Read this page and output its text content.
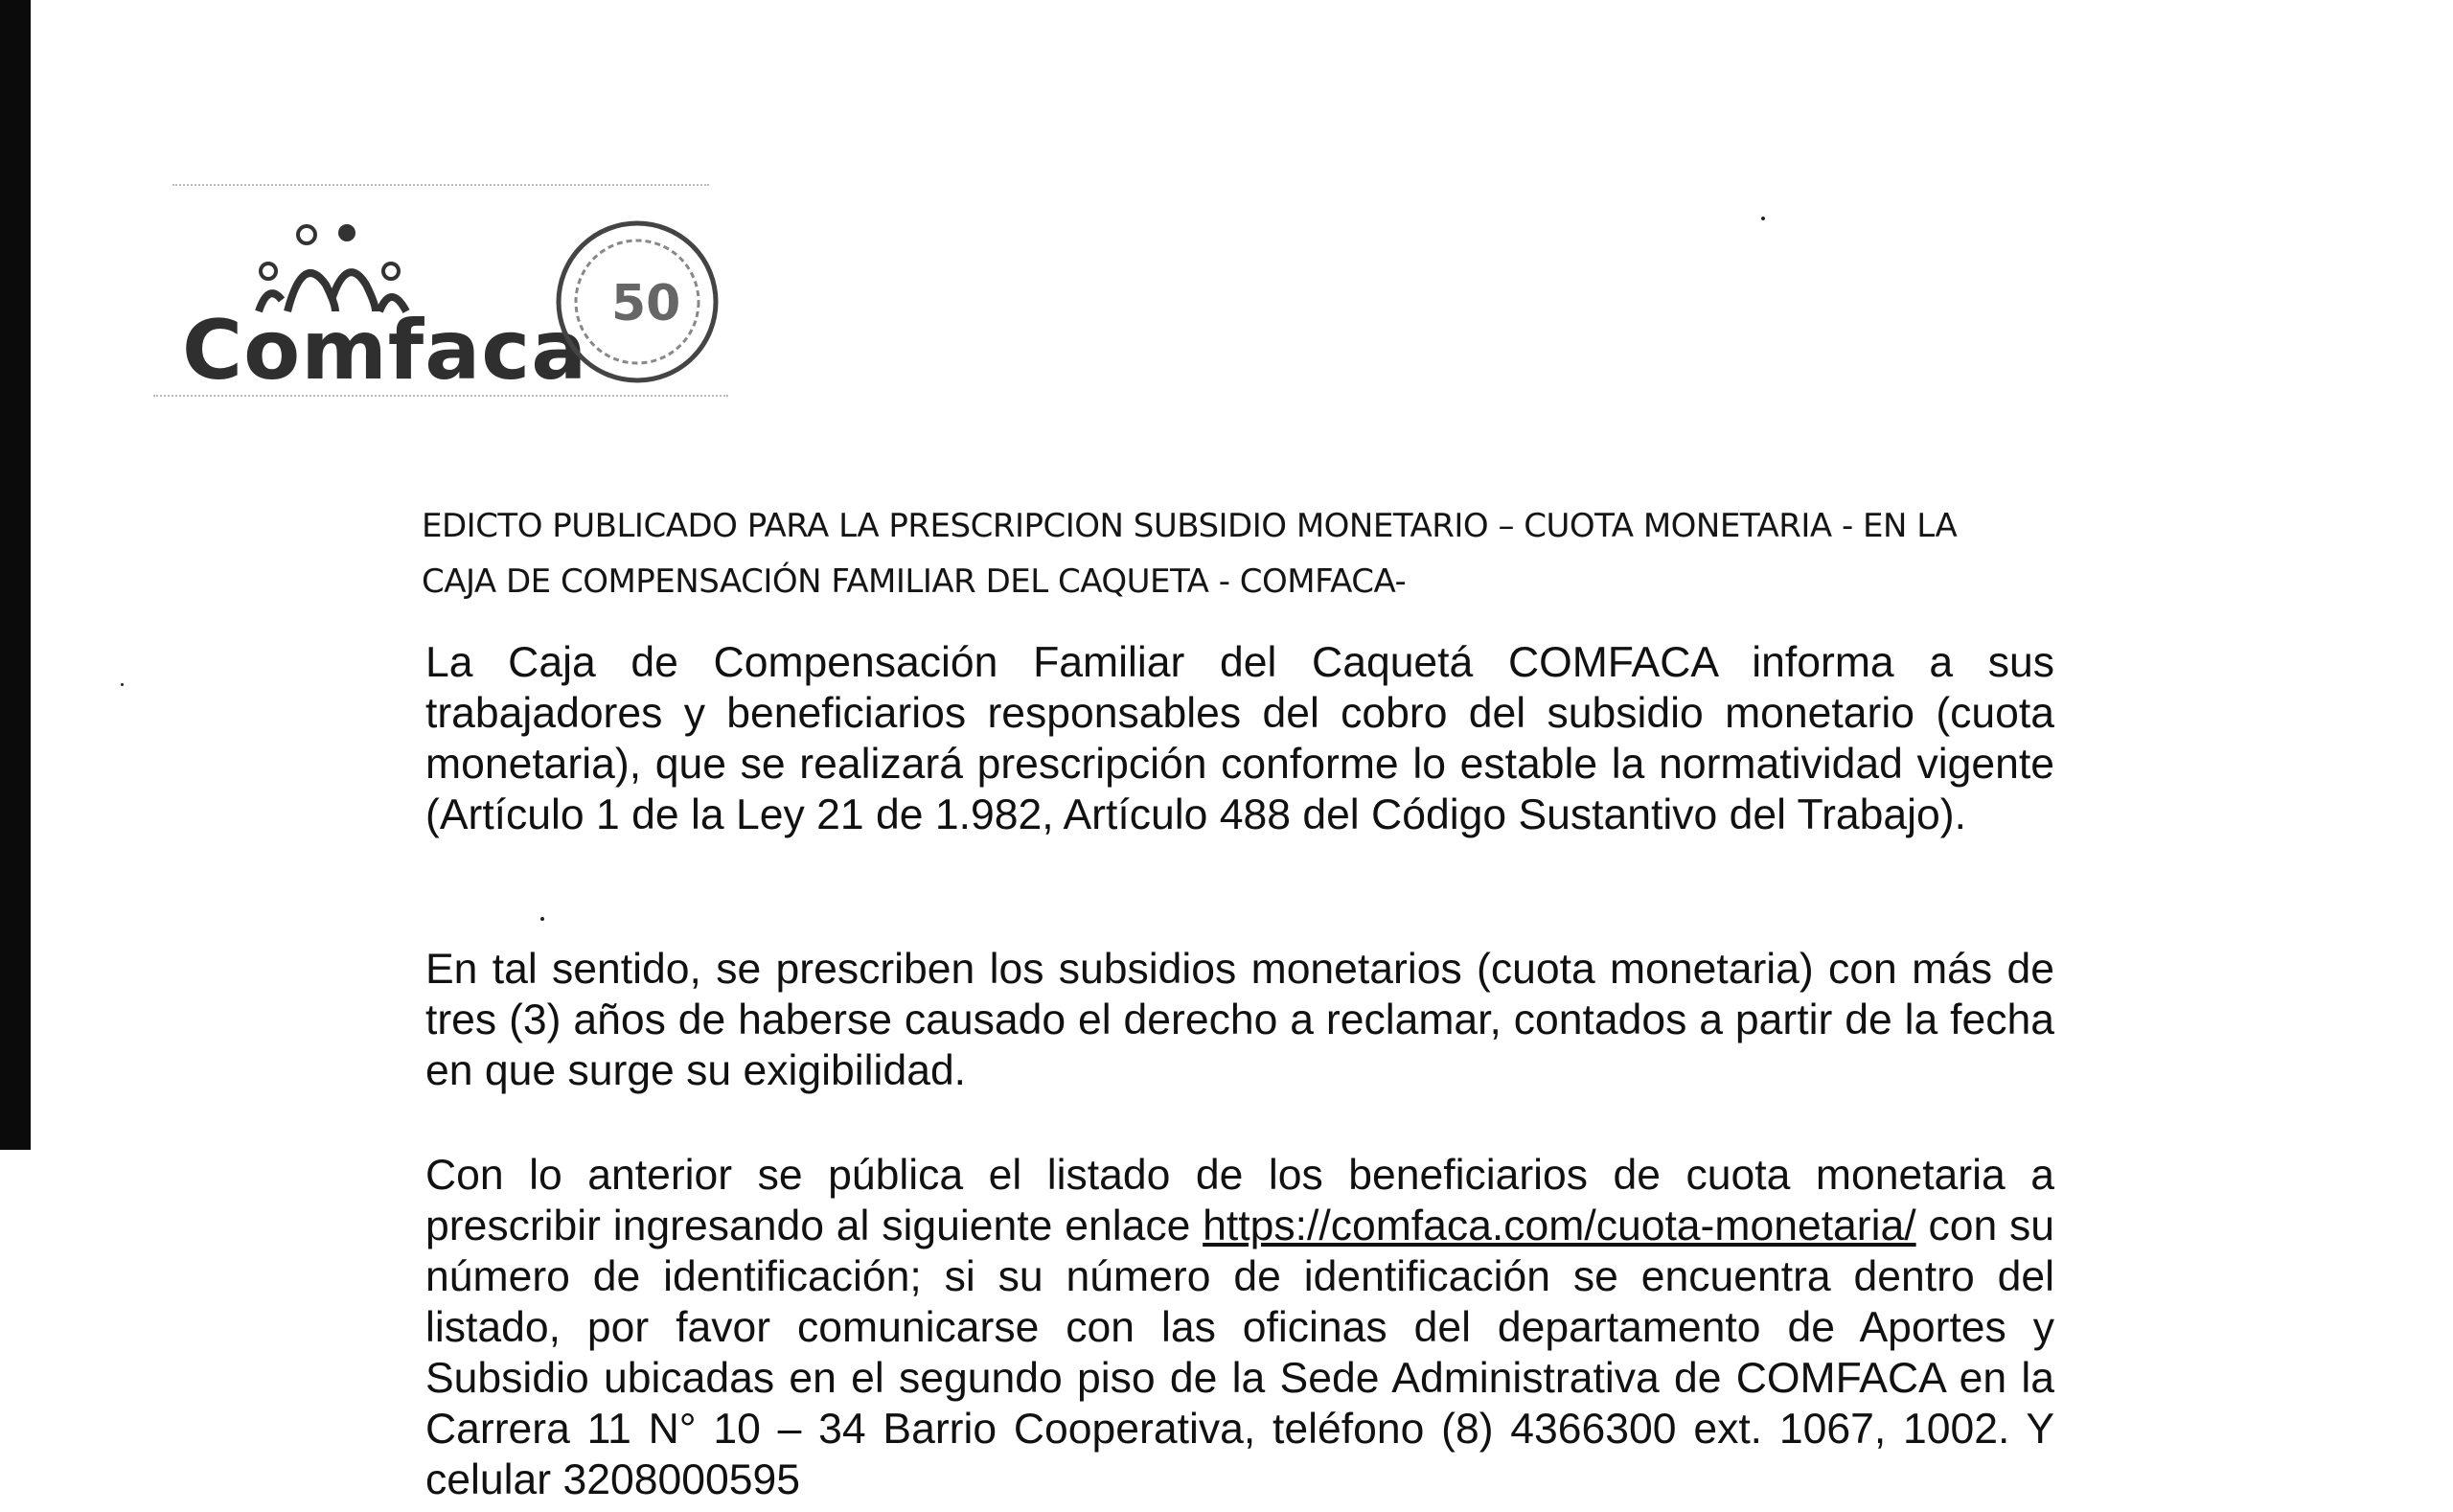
Comfaca 50
EDICTO PUBLICADO PARA LA PRESCRIPCION SUBSIDIO MONETARIO – CUOTA MONETARIA - EN LA
CAJA DE COMPENSACIÓN FAMILIAR DEL CAQUETA - COMFACA-
La Caja de Compensación Familiar del Caquetá COMFACA informa a sus trabajadores y beneficiarios responsables del cobro del subsidio monetario (cuota monetaria), que se realizará prescripción conforme lo estable la normatividad vigente (Artículo 1 de la Ley 21 de 1.982, Artículo 488 del Código Sustantivo del Trabajo).
En tal sentido, se prescriben los subsidios monetarios (cuota monetaria) con más de tres (3) años de haberse causado el derecho a reclamar, contados a partir de la fecha en que surge su exigibilidad.
Con lo anterior se pública el listado de los beneficiarios de cuota monetaria a prescribir ingresando al siguiente enlace https://comfaca.com/cuota-monetaria/ con su número de identificación; si su número de identificación se encuentra dentro del listado, por favor comunicarse con las oficinas del departamento de Aportes y Subsidio ubicadas en el segundo piso de la Sede Administrativa de COMFACA en la Carrera 11 N° 10 – 34 Barrio Cooperativa, teléfono (8) 4366300 ext. 1067, 1002. Y celular 3208000595
